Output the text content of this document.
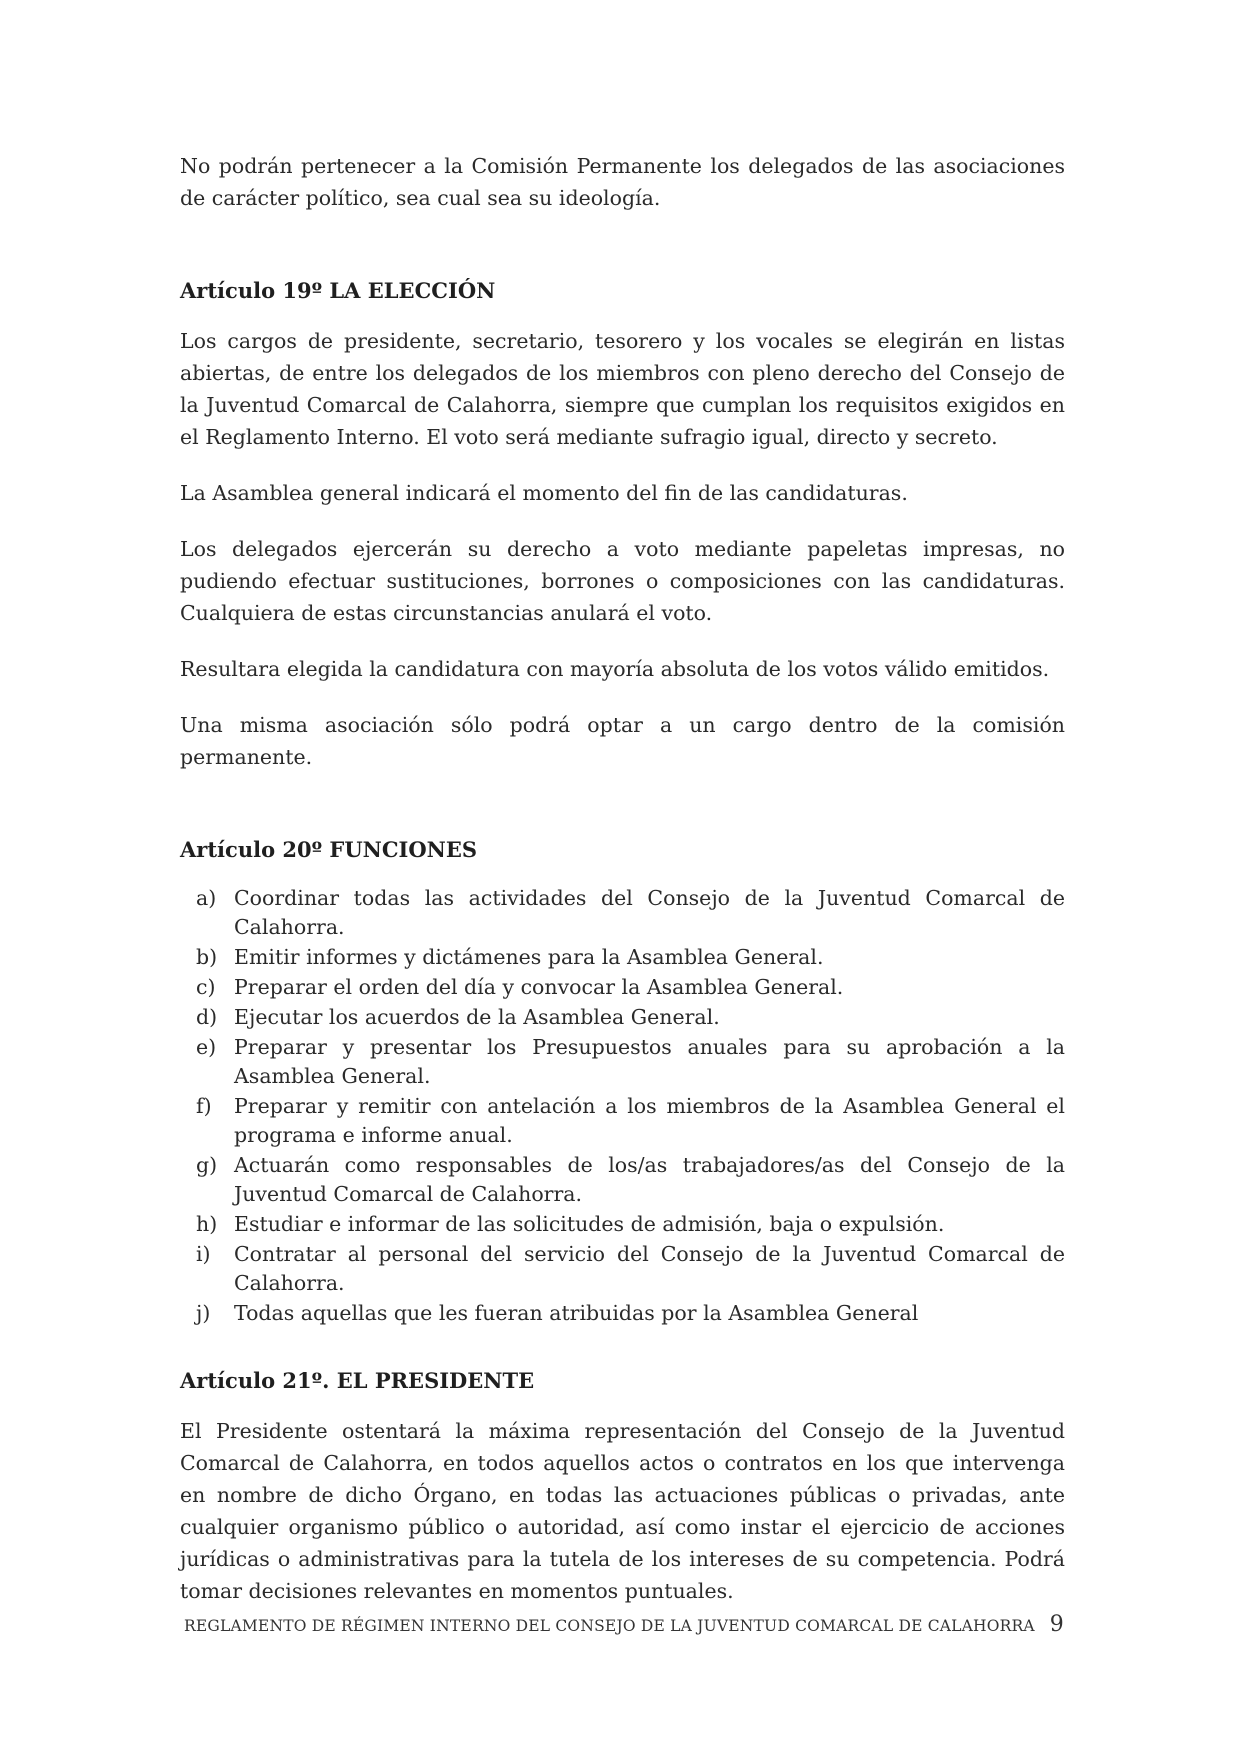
No podrán pertenecer a la Comisión Permanente los delegados de las asociaciones de carácter político, sea cual sea su ideología.

Artículo 19º LA ELECCIÓN

Los cargos de presidente, secretario, tesorero y los vocales se elegirán en listas abiertas, de entre los delegados de los miembros con pleno derecho del Consejo de la Juventud Comarcal de Calahorra, siempre que cumplan los requisitos exigidos en el Reglamento Interno. El voto será mediante sufragio igual, directo y secreto.

La Asamblea general indicará el momento del fin de las candidaturas.

Los delegados ejercerán su derecho a voto mediante papeletas impresas, no pudiendo efectuar sustituciones, borrones o composiciones con las candidaturas. Cualquiera de estas circunstancias anulará el voto.

Resultara elegida la candidatura con mayoría absoluta de los votos válido emitidos.

Una misma asociación sólo podrá optar a un cargo dentro de la comisión permanente.

Artículo 20º FUNCIONES
a) Coordinar todas las actividades del Consejo de la Juventud Comarcal de Calahorra.
b) Emitir informes y dictámenes para la Asamblea General.
c) Preparar el orden del día y convocar la Asamblea General.
d) Ejecutar los acuerdos de la Asamblea General.
e) Preparar y presentar los Presupuestos anuales para su aprobación a la Asamblea General.
f)	Preparar y remitir con antelación a los miembros de la Asamblea General el programa e informe anual.
g) Actuarán como responsables de los/as trabajadores/as del Consejo de la Juventud Comarcal de Calahorra.
h) Estudiar e informar de las solicitudes de admisión, baja o expulsión.
i)	Contratar al personal del servicio del Consejo de la Juventud Comarcal de Calahorra.
j)	Todas aquellas que les fueran atribuidas por la Asamblea General
Artículo 21º. EL PRESIDENTE

El Presidente ostentará la máxima representación del Consejo de la Juventud Comarcal de Calahorra, en todos aquellos actos o contratos en los que intervenga en nombre de dicho Órgano, en todas las actuaciones públicas o privadas, ante cualquier organismo público o autoridad, así como instar el ejercicio de acciones jurídicas o administrativas para la tutela de los intereses de su competencia. Podrá tomar decisiones relevantes en momentos puntuales.

REGLAMENTO DE RÉGIMEN INTERNO DEL CONSEJO DE LA JUVENTUD COMARCAL DE CALAHORRA 9
